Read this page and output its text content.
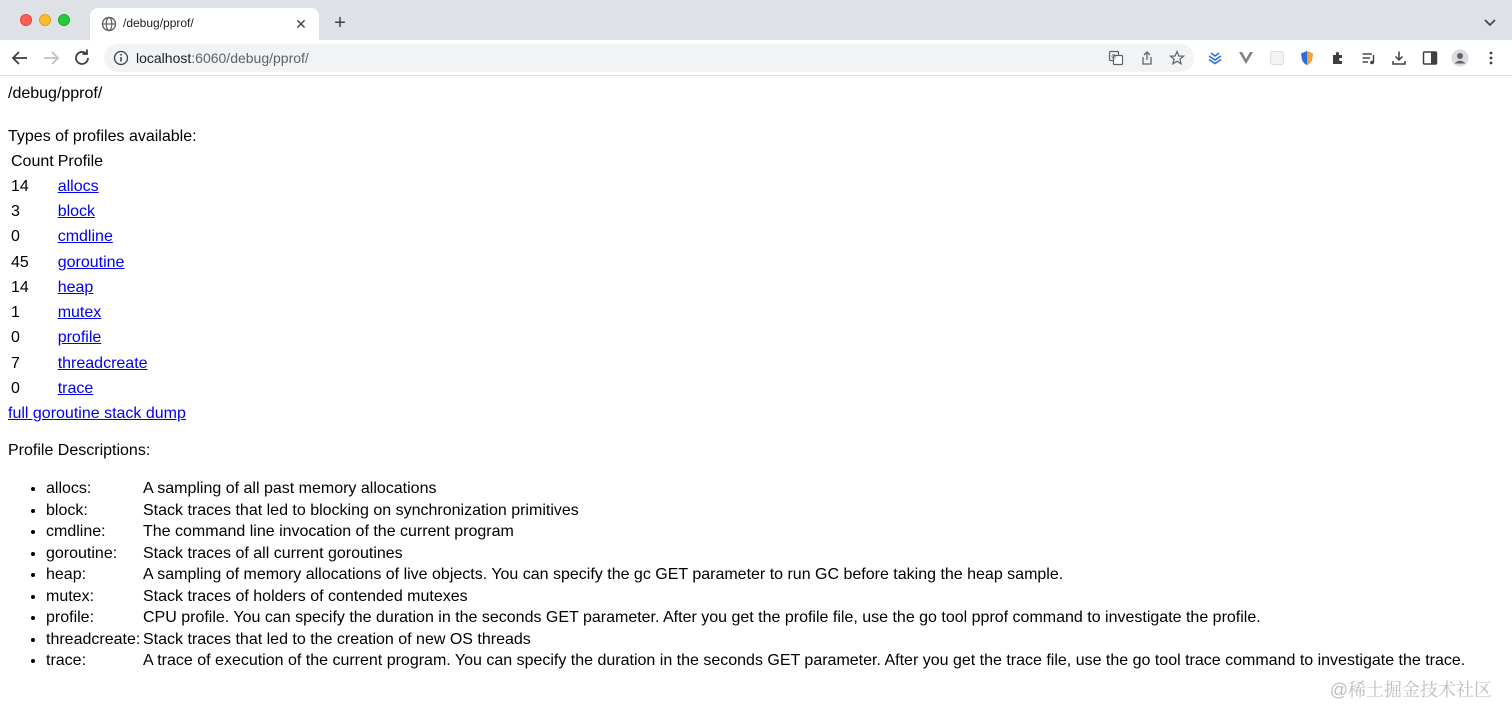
/debug/pprof/	✕	+
localhost:6060/debug/pprof/	G
/debug/pprof/
Types of profiles available:
Count	Profile
14	allocs
3	block
0	cmdline
45	goroutine
14	heap
1	mutex
0	profile
7	threadcreate
0	trace
full goroutine stack dump
Profile Descriptions:
• allocs:	A sampling of all past memory allocations
• block:	Stack traces that led to blocking on synchronization primitives
• cmdline: The command line invocation of the current program
• goroutine: Stack traces of all current goroutines
• heap:	A sampling of memory allocations of live objects. You can specify the gc GET parameter to run GC before taking the heap sample.
• mutex:	Stack traces of holders of contended mutexes
• profile:	CPU profile. You can specify the duration in the seconds GET parameter. After you get the profile file, use the go tool pprof command to investigate the profile.
• threadcreate: Stack traces that led to the creation of new OS threads
• trace:	A trace of execution of the current program. You can specify the duration in the seconds GET parameter. After you get the trace file, use the go tool trace command to investigate the trace.
@稀土掘金技术社区
